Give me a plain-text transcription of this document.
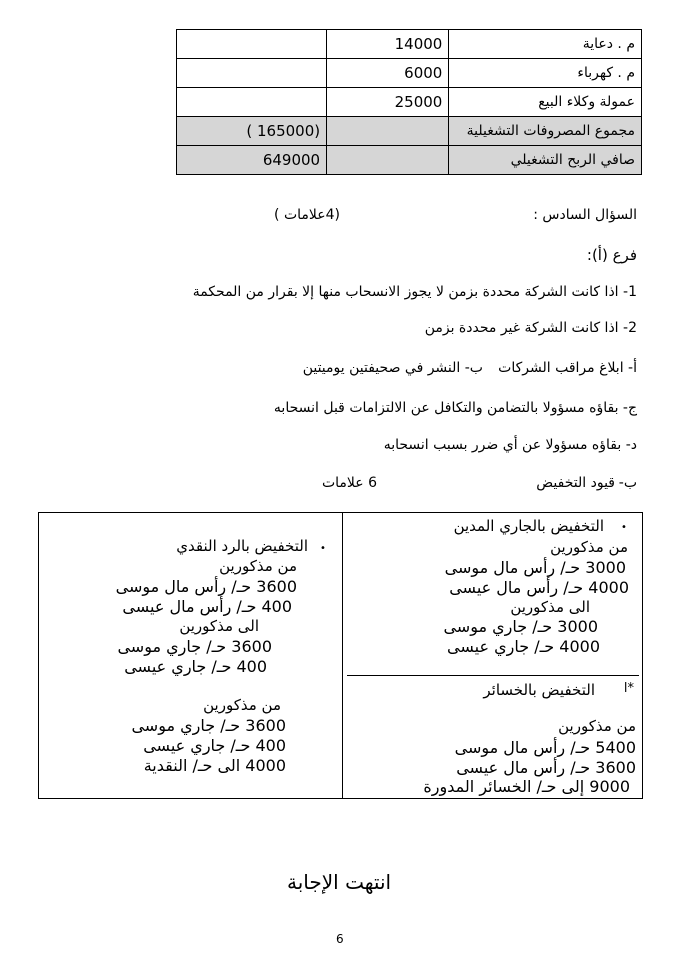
	14000	م . دعاية
	6000	م . كهرباء
	25000	عمولة وكلاء البيع
( 165000)		مجموع المصروفات التشغيلية
649000		صافي الربح التشغيلي
السؤال السادس :
(4علامات )
فرع (أ):
1- اذا كانت الشركة محددة بزمن لا يجوز الانسحاب منها إلا بقرار من المحكمة
2- اذا كانت الشركة غير محددة بزمن
أ- ابلاغ مراقب الشركات
ب- النشر في صحيفتين يوميتين
ج- بقاؤه مسؤولا بالتضامن والتكافل عن الالتزامات قبل انسحابه
د- بقاؤه مسؤولا عن أي ضرر بسبب انسحابه
ب-
قيود التخفيض
6 علامات
•
التخفيض بالجاري المدين
من مذكورين
3000 حـ/ رأس مال موسى
4000 حـ/ رأس مال عيسى
الى مذكورين
3000 حـ/ جاري موسى
4000 حـ/ جاري عيسى
*ا
التخفيض بالخسائر
من مذكورين
5400 حـ/ رأس مال موسى
3600 حـ/ رأس مال عيسى
9000 إلى حـ/ الخسائر المدورة
•
التخفيض بالرد النقدي
من مذكورين
3600 حـ/ رأس مال موسى
400 حـ/ رأس مال عيسى
الى مذكورين
3600 حـ/ جاري موسى
400 حـ/ جاري عيسى
من مذكورين
3600 حـ/ جاري موسى
400 حـ/ جاري عيسى
4000 الى حـ/ النقدية
انتهت الإجابة
6
